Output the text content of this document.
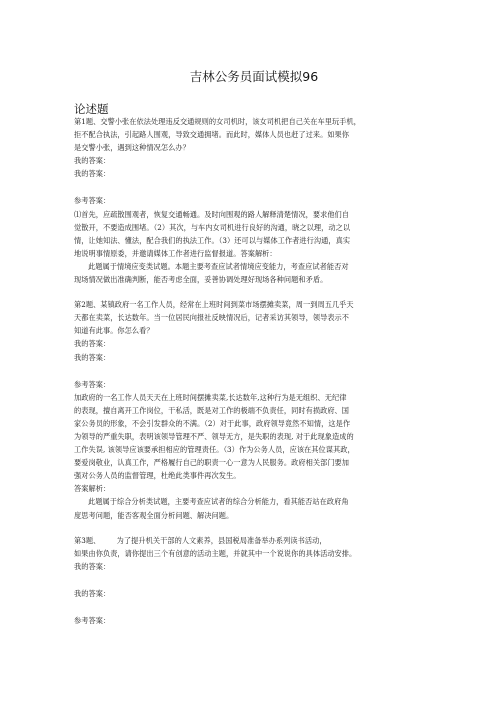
吉林公务员面试模拟96
论述题
第1题、交警小张在依法处理违反交通规则的女司机时，该女司机把自己关在车里玩手机，
拒不配合执法，引起路人围观，导致交通拥堵。而此时，媒体人员也赶了过来。如果你
是交警小张，遇到这种情况怎么办？
我的答案：
我的答案：
参考答案：
⑴首先，应疏散围观者，恢复交通畅通。及时向围观的路人解释清楚情况，要求他们自
觉散开，不要造成围堵。（2）其次，与车内女司机进行良好的沟通，晓之以理，动之以
情，让她知法、懂法，配合我们的执法工作。（3）还可以与媒体工作者进行沟通，真实
地说明事情原委，并邀请媒体工作者进行监督报道。答案解析：
此题属于情境应变类试题。本题主要考查应试者情境应变能力，考查应试者能否对
现场情况做出准确判断，能否考虑全面，妥善协调处理好现场各种问题和矛盾。
第2题、某镇政府一名工作人员，经常在上班时间到菜市场摆摊卖菜，周一到周五几乎天
天都在卖菜，长达数年。当一位居民向报社反映情况后，记者采访其领导，领导表示不
知道有此事。你怎么看？
我的答案：
我的答案：
参考答案：
加政府的一名工作人员天天在上班时间摆摊卖菜,长达数年,这种行为是无组织、无纪律
的表现，擅自离开工作岗位，干私活，既是对工作的极端不负责任，同时有损政府、国
家公务员的形象，不会引发群众的不满。（2）对于此事，政府领导竟然不知情，这是作
为领导的严重失职，表明该领导管理不严、领导无方，是失职的表现, 对于此现象造成的
工作失误, 该领导应该要承担相应的管理责任。（3）作为公务人员，应该在其位谋其政，
要爱岗敬业，认真工作，严格履行自己的职责一心一意为人民服务。政府相关部门要加
强对公务人员的监督管理，杜绝此类事件再次发生。
答案解析：
此题属于综合分析类试题，主要考查应试者的综合分析能力，看其能否站在政府角
度思考问题，能否客观全面分析问题、解决问题。
第3题、       为了提升机关干部的人文素养，县国税局准备举办系列读书活动，
如果由你负责，请你提出三个有创意的活动主题，并就其中一个说说你的具体活动安排。
我的答案：
我的答案：
参考答案：
